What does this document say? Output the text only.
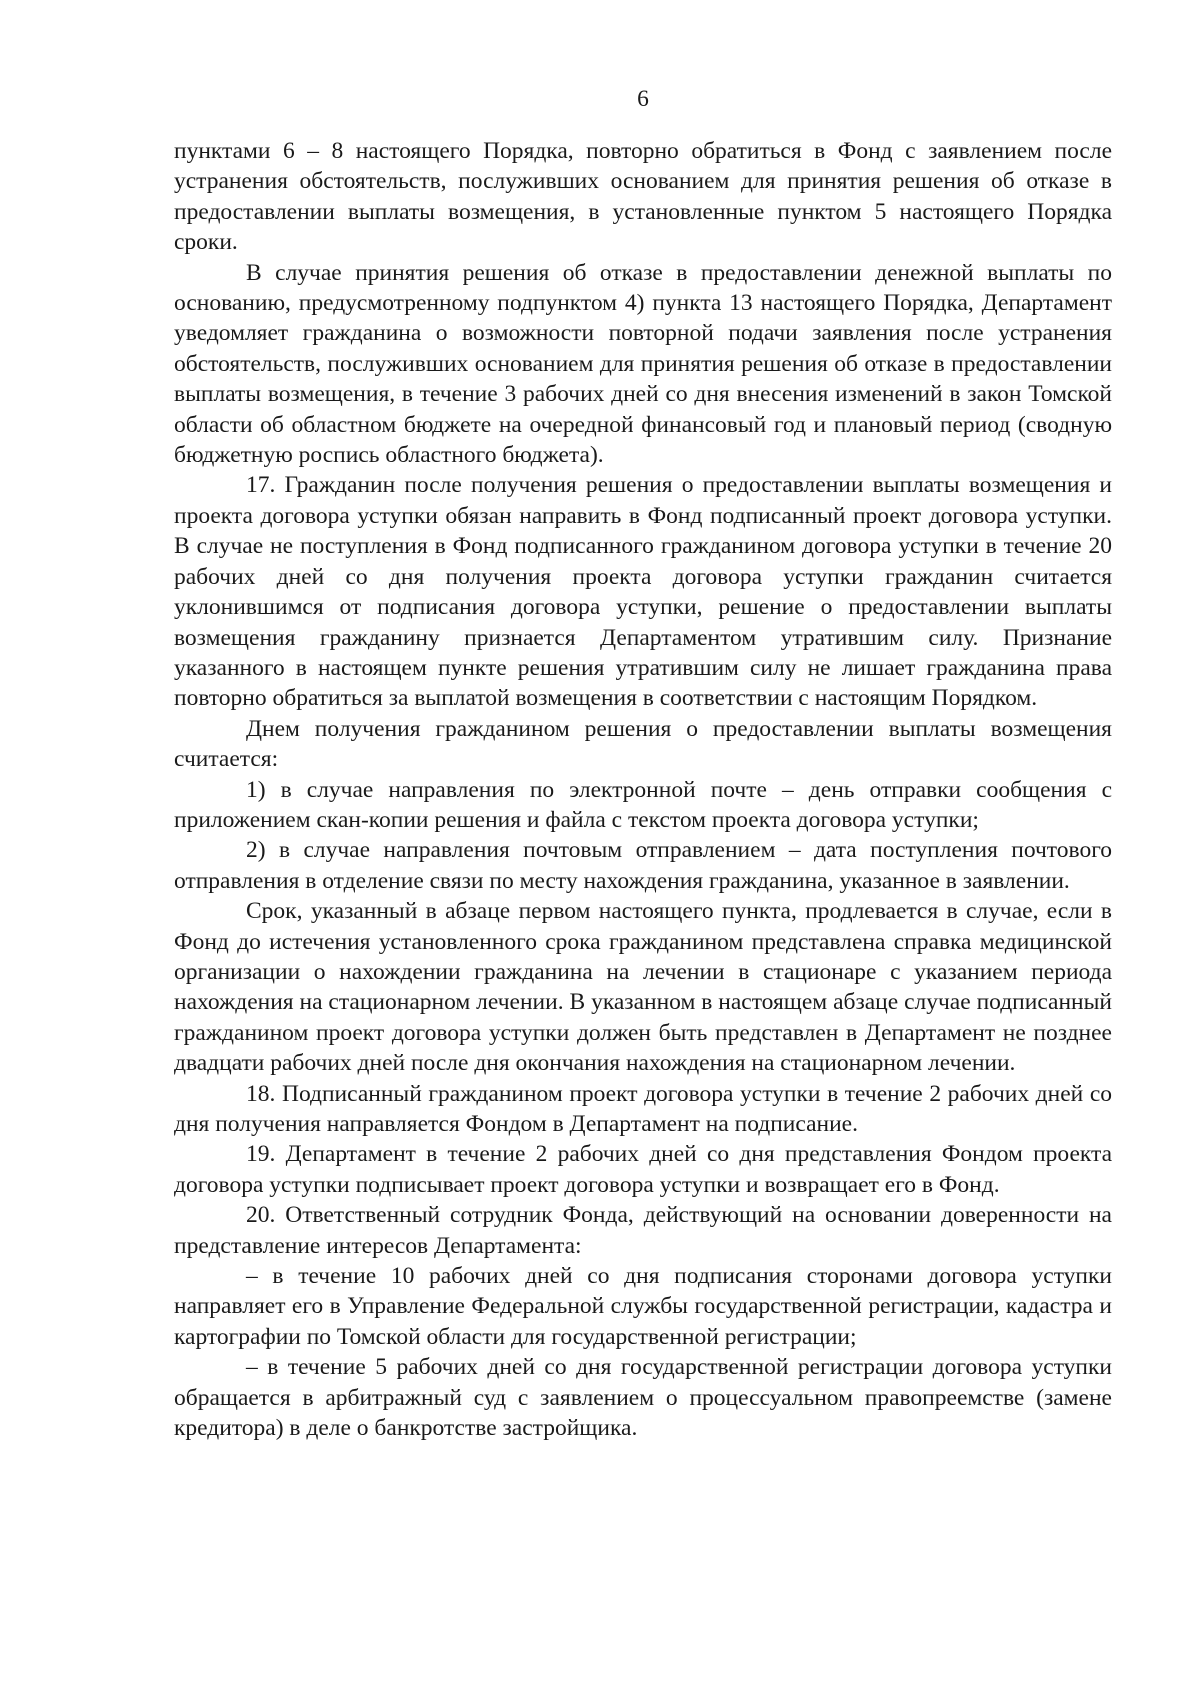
6

пунктами 6 – 8 настоящего Порядка, повторно обратиться в Фонд с заявлением после устранения обстоятельств, послуживших основанием для принятия решения об отказе в предоставлении выплаты возмещения, в установленные пунктом 5 настоящего Порядка сроки.

В случае принятия решения об отказе в предоставлении денежной выплаты по основанию, предусмотренному подпунктом 4) пункта 13 настоящего Порядка, Департамент уведомляет гражданина о возможности повторной подачи заявления после устранения обстоятельств, послуживших основанием для принятия решения об отказе в предоставлении выплаты возмещения, в течение 3 рабочих дней со дня внесения изменений в закон Томской области об областном бюджете на очередной финансовый год и плановый период (сводную бюджетную роспись областного бюджета).

17. Гражданин после получения решения о предоставлении выплаты возмещения и проекта договора уступки обязан направить в Фонд подписанный проект договора уступки. В случае не поступления в Фонд подписанного гражданином договора уступки в течение 20 рабочих дней со дня получения проекта договора уступки гражданин считается уклонившимся от подписания договора уступки, решение о предоставлении выплаты возмещения гражданину признается Департаментом утратившим силу. Признание указанного в настоящем пункте решения утратившим силу не лишает гражданина права повторно обратиться за выплатой возмещения в соответствии с настоящим Порядком.

Днем получения гражданином решения о предоставлении выплаты возмещения считается:

1) в случае направления по электронной почте – день отправки сообщения с приложением скан-копии решения и файла с текстом проекта договора уступки;

2) в случае направления почтовым отправлением – дата поступления почтового отправления в отделение связи по месту нахождения гражданина, указанное в заявлении.

Срок, указанный в абзаце первом настоящего пункта, продлевается в случае, если в Фонд до истечения установленного срока гражданином представлена справка медицинской организации о нахождении гражданина на лечении в стационаре с указанием периода нахождения на стационарном лечении. В указанном в настоящем абзаце случае подписанный гражданином проект договора уступки должен быть представлен в Департамент не позднее двадцати рабочих дней после дня окончания нахождения на стационарном лечении.

18. Подписанный гражданином проект договора уступки в течение 2 рабочих дней со дня получения направляется Фондом в Департамент на подписание.

19. Департамент в течение 2 рабочих дней со дня представления Фондом проекта договора уступки подписывает проект договора уступки и возвращает его в Фонд.

20. Ответственный сотрудник Фонда, действующий на основании доверенности на представление интересов Департамента:

– в течение 10 рабочих дней со дня подписания сторонами договора уступки направляет его в Управление Федеральной службы государственной регистрации, кадастра и картографии по Томской области для государственной регистрации;

– в течение 5 рабочих дней со дня государственной регистрации договора уступки обращается в арбитражный суд с заявлением о процессуальном правопреемстве (замене кредитора) в деле о банкротстве застройщика.
